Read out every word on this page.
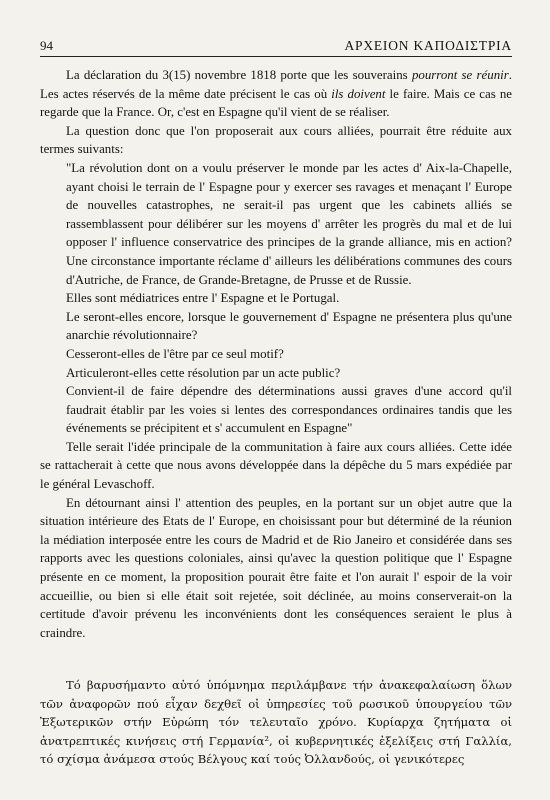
94	ΑΡΧΕΙΟΝ ΚΑΠΟΔΙΣΤΡΙΑ

La déclaration du 3(15) novembre 1818 porte que les souverains pourront se réunir. Les actes réservés de la même date précisent le cas où ils doivent le faire. Mais ce cas ne regarde que la France. Or, c'est en Espagne qu'il vient de se réaliser.

La question donc que l'on proposerait aux cours alliées, pourrait être réduite aux termes suivants:

"La révolution dont on a voulu préserver le monde par les actes d' Aix-la-Chapelle, ayant choisi le terrain de l' Espagne pour y exercer ses ravages et menaçant l' Europe de nouvelles catastrophes, ne serait-il pas urgent que les cabinets alliés se rassemblassent pour délibérer sur les moyens d' arrêter les progrès du mal et de lui opposer l' influence conservatrice des principes de la grande alliance, mis en action? Une circonstance importante réclame d' ailleurs les délibérations communes des cours d'Autriche, de France, de Grande-Bretagne, de Prusse et de Russie.

Elles sont médiatrices entre l' Espagne et le Portugal.

Le seront-elles encore, lorsque le gouvernement d' Espagne ne présentera plus qu'une anarchie révolutionnaire?

Cesseront-elles de l'être par ce seul motif?

Articuleront-elles cette résolution par un acte public?

Convient-il de faire dépendre des déterminations aussi graves d'une accord qu'il faudrait établir par les voies si lentes des correspondances ordinaires tandis que les événements se précipitent et s' accumulent en Espagne"

Telle serait l'idée principale de la communitation à faire aux cours alliées. Cette idée se rattacherait à cette que nous avons développée dans la dépêche du 5 mars expédiée par le général Levaschoff.

En détournant ainsi l' attention des peuples, en la portant sur un objet autre que la situation intérieure des Etats de l' Europe, en choisissant pour but déterminé de la réunion la médiation interposée entre les cours de Madrid et de Rio Janeiro et considérée dans ses rapports avec les questions coloniales, ainsi qu'avec la question politique que l' Espagne présente en ce moment, la proposition pourait être faite et l'on aurait l' espoir de la voir accueillie, ou bien si elle était soit rejetée, soit déclinée, au moins conserverait-on la certitude d'avoir prévenu les inconvénients dont les conséquences seraient le plus à craindre.

Τό βαρυσήμαντο αὐτό ὑπόμνημα περιλάμβανε τήν ἀνακεφαλαίωση ὅλων τῶν ἀναφορῶν πού εἶχαν δεχθεῖ οἱ ὑπηρεσίες τοῦ ρωσικοῦ ὑπουργείου τῶν Ἐξωτερικῶν στήν Εὐρώπη τόν τελευταῖο χρόνο. Κυρίαρχα ζητήματα οἱ ἀνατρεπτικές κινήσεις στή Γερμανία², οἱ κυβερνητικές ἐξελίξεις στή Γαλλία, τό σχίσμα ἀνάμεσα στούς Βέλγους καί τούς Ὀλλανδούς, οἱ γενικότερες
